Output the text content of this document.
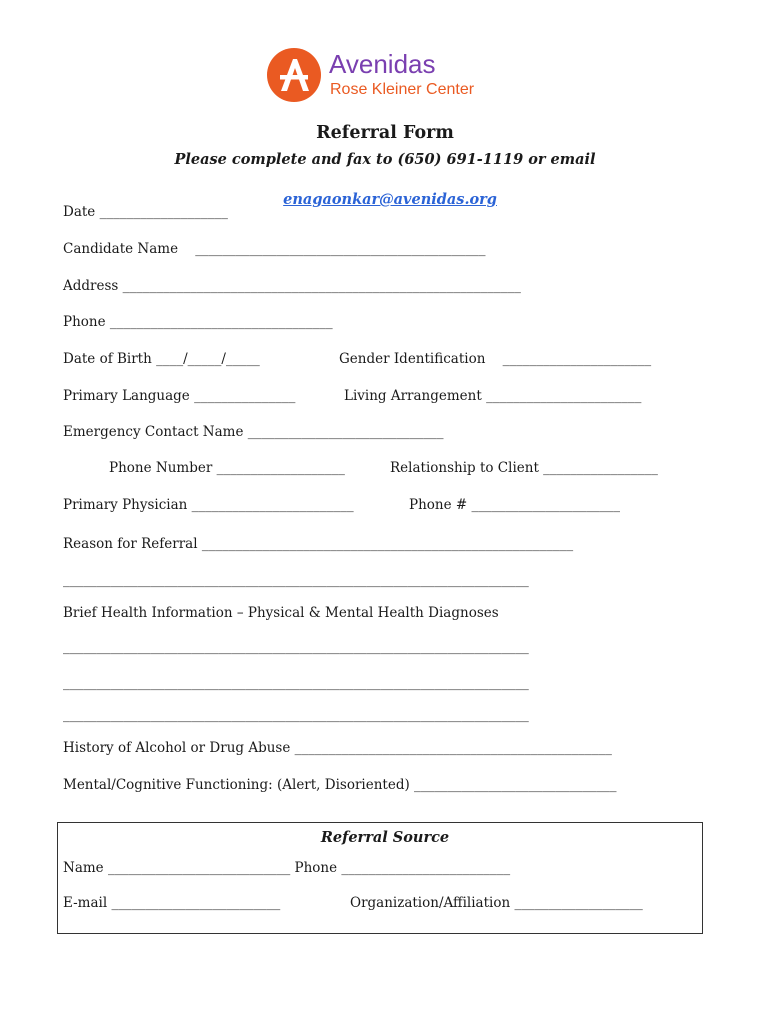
Avenidas
Rose Kleiner Center
Referral Form
Please complete and fax to (650) 691-1119 or email

enagaonkar@avenidas.org

Date ___________________
Candidate Name    ___________________________________________
Address ___________________________________________________________
Phone _________________________________
Date of Birth ____/_____/_____	Gender Identification    ______________________
Primary Language _______________	Living Arrangement _______________________
Emergency Contact Name _____________________________
Phone Number ___________________	Relationship to Client _________________
Primary Physician ________________________	Phone # ______________________
Reason for Referral _______________________________________________________
_____________________________________________________________________
Brief Health Information – Physical & Mental Health Diagnoses
_____________________________________________________________________
_____________________________________________________________________
_____________________________________________________________________
History of Alcohol or Drug Abuse _______________________________________________
Mental/Cognitive Functioning: (Alert, Disoriented) ______________________________
Referral Source
Name ___________________________ Phone _________________________
E-mail _________________________	Organization/Affiliation ___________________
